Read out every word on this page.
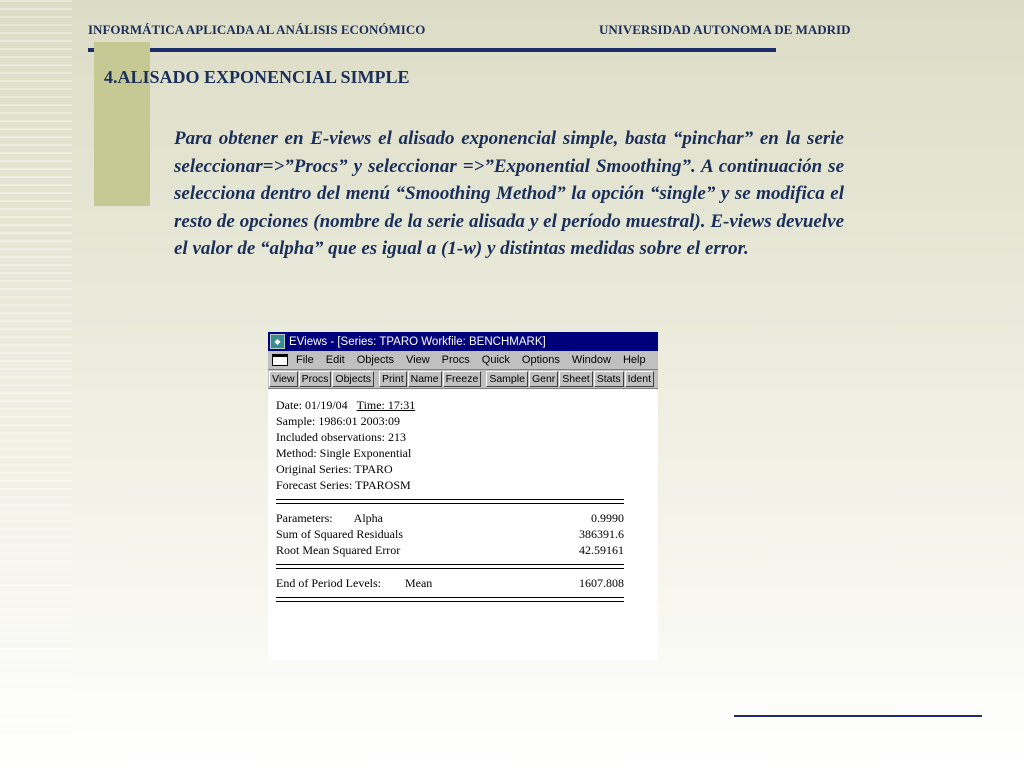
INFORMÁTICA APLICADA AL ANÁLISIS ECONÓMICO	UNIVERSIDAD AUTONOMA DE MADRID
4.ALISADO EXPONENCIAL SIMPLE

Para obtener en E-views el alisado exponencial simple, basta “pinchar” en la serie seleccionar=>”Procs” y seleccionar =>”Exponential Smoothing”. A continuación se selecciona dentro del menú “Smoothing Method” la opción “single” y se modifica el resto de opciones (nombre de la serie alisada y el período muestral). E-views devuelve el valor de “alpha” que es igual a (1-w) y distintas medidas sobre el error.

◆ EViews - [Series: TPARO Workfile: BENCHMARK]
File Edit Objects View Procs Quick Options Window Help
View Procs Objects Print Name Freeze Sample Genr Sheet Stats Ident
Date: 01/19/04 Time: 17:31
Sample: 1986:01 2003:09
Included observations: 213
Method: Single Exponential
Original Series: TPARO
Forecast Series: TPAROSM
Parameters: Alpha	0.9990
Sum of Squared Residuals	386391.6
Root Mean Squared Error	42.59161
End of Period Levels: Mean	1607.808
